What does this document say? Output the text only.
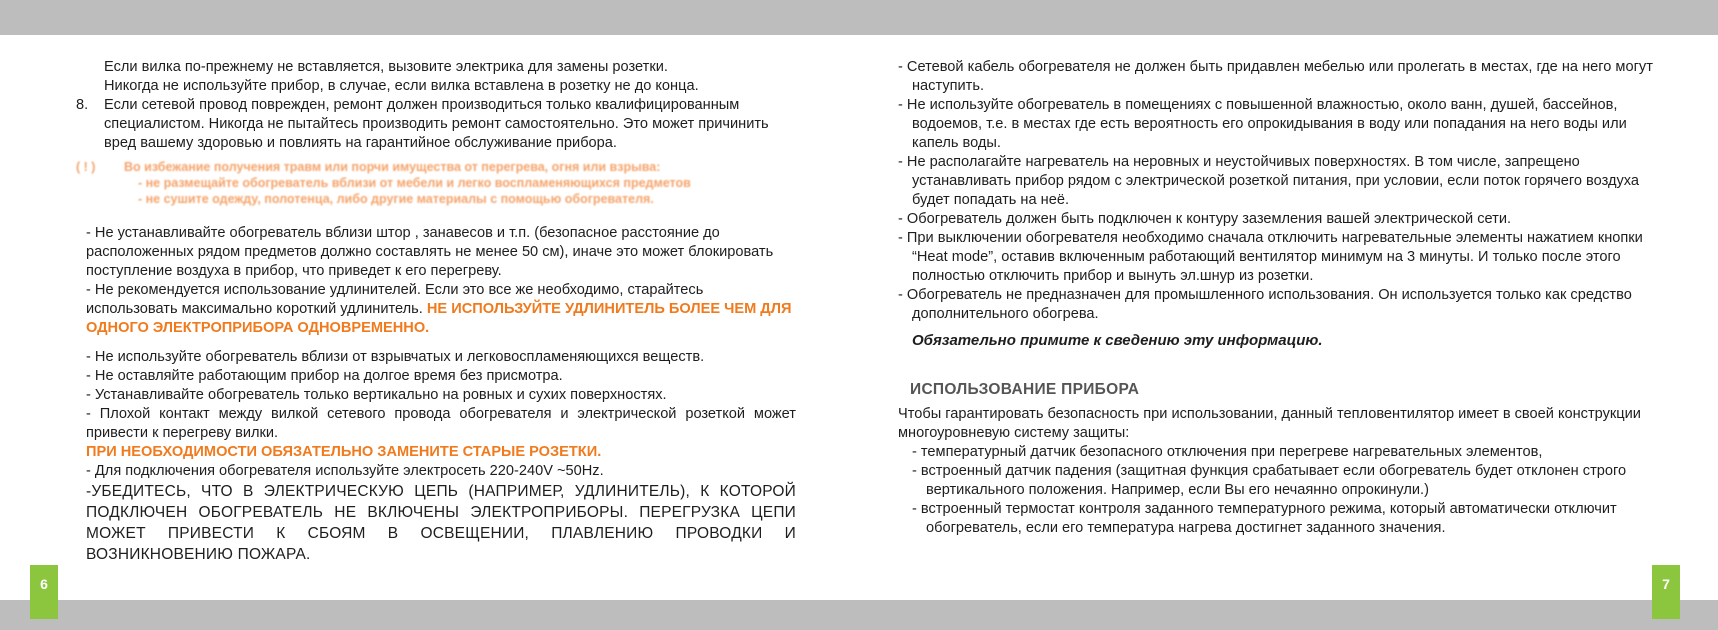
6	7

Если вилка по-прежнему не вставляется, вызовите электрика для замены розетки.

Никогда не используйте прибор, в случае, если вилка вставлена в розетку не до конца.

8.	Если сетевой провод поврежден, ремонт должен производиться только квалифицированным специалистом. Никогда не пытайтесь производить ремонт самостоятельно. Это может причинить вред вашему здоровью и повлиять на гарантийное обслуживание прибора.

( ! ) Во избежание получения травм или порчи имущества от перегрева, огня или взрыва:
- не размещайте обогреватель вблизи от мебели и легко воспламеняющихся предметов
- не сушите одежду, полотенца, либо другие материалы с помощью обогревателя.

- Не устанавливайте обогреватель вблизи штор , занавесов и т.п. (безопасное расстояние до расположенных рядом предметов должно составлять не менее 50 см), иначе это может блокировать поступление воздуха в прибор, что приведет к его перегреву.

- Не рекомендуется использование удлинителей. Если это все же необходимо, старайтесь использовать максимально короткий удлинитель. НЕ ИСПОЛЬЗУЙТЕ УДЛИНИТЕЛЬ БОЛЕЕ ЧЕМ ДЛЯ ОДНОГО ЭЛЕКТРОПРИБОРА ОДНОВРЕМЕННО.

- Не используйте обогреватель вблизи от взрывчатых и легковоспламеняющихся веществ.

- Не оставляйте работающим прибор на долгое время без присмотра.

- Устанавливайте обогреватель только вертикально на ровных и сухих поверхностях.

- Плохой контакт между вилкой сетевого провода обогревателя и электрической розеткой может привести к перегреву вилки.

ПРИ НЕОБХОДИМОСТИ ОБЯЗАТЕЛЬНО ЗАМЕНИТЕ СТАРЫЕ РОЗЕТКИ.

- Для подключения обогревателя используйте электросеть 220-240V ~50Hz.

-УБЕДИТЕСЬ, ЧТО В ЭЛЕКТРИЧЕСКУЮ ЦЕПЬ (НАПРИМЕР, УДЛИНИТЕЛЬ), К КОТОРОЙ ПОДКЛЮЧЕН ОБОГРЕВАТЕЛЬ НЕ ВКЛЮЧЕНЫ ЭЛЕКТРОПРИБОРЫ. ПЕРЕГРУЗКА ЦЕПИ МОЖЕТ ПРИВЕСТИ К СБОЯМ В ОСВЕЩЕНИИ, ПЛАВЛЕНИЮ ПРОВОДКИ И ВОЗНИКНОВЕНИЮ ПОЖАРА.

- Сетевой кабель обогревателя не должен быть придавлен мебелью или пролегать в местах, где на него могут наступить.

- Не используйте обогреватель в помещениях с повышенной влажностью, около ванн, душей, бассейнов, водоемов, т.е. в местах где есть вероятность его опрокидывания в воду или попадания на него воды или капель воды.

- Не располагайте нагреватель на неровных и неустойчивых поверхностях. В том числе, запрещено устанавливать прибор рядом с электрической розеткой питания, при условии, если поток горячего воздуха будет попадать на неё.

- Обогреватель должен быть подключен к контуру заземления вашей электрической сети.

- При выключении обогревателя необходимо сначала отключить нагревательные элементы нажатием кнопки “Heat mode”, оставив включенным работающий вентилятор минимум на 3 минуты. И только после этого полностью отключить прибор и вынуть эл.шнур из розетки.

- Обогреватель не предназначен для промышленного использования. Он используется только как средство дополнительного обогрева.

Обязательно примите к сведению эту информацию.

ИСПОЛЬЗОВАНИЕ ПРИБОРА

Чтобы гарантировать безопасность при использовании, данный тепловентилятор имеет в своей конструкции многоуровневую систему защиты:

- температурный датчик безопасного отключения при перегреве нагревательных элементов,

- встроенный датчик падения (защитная функция срабатывает если обогреватель будет отклонен строго вертикального положения. Например, если Вы его нечаянно опрокинули.)

- встроенный термостат контроля заданного температурного режима, который автоматически отключит обогреватель, если его температура нагрева достигнет заданного значения.
